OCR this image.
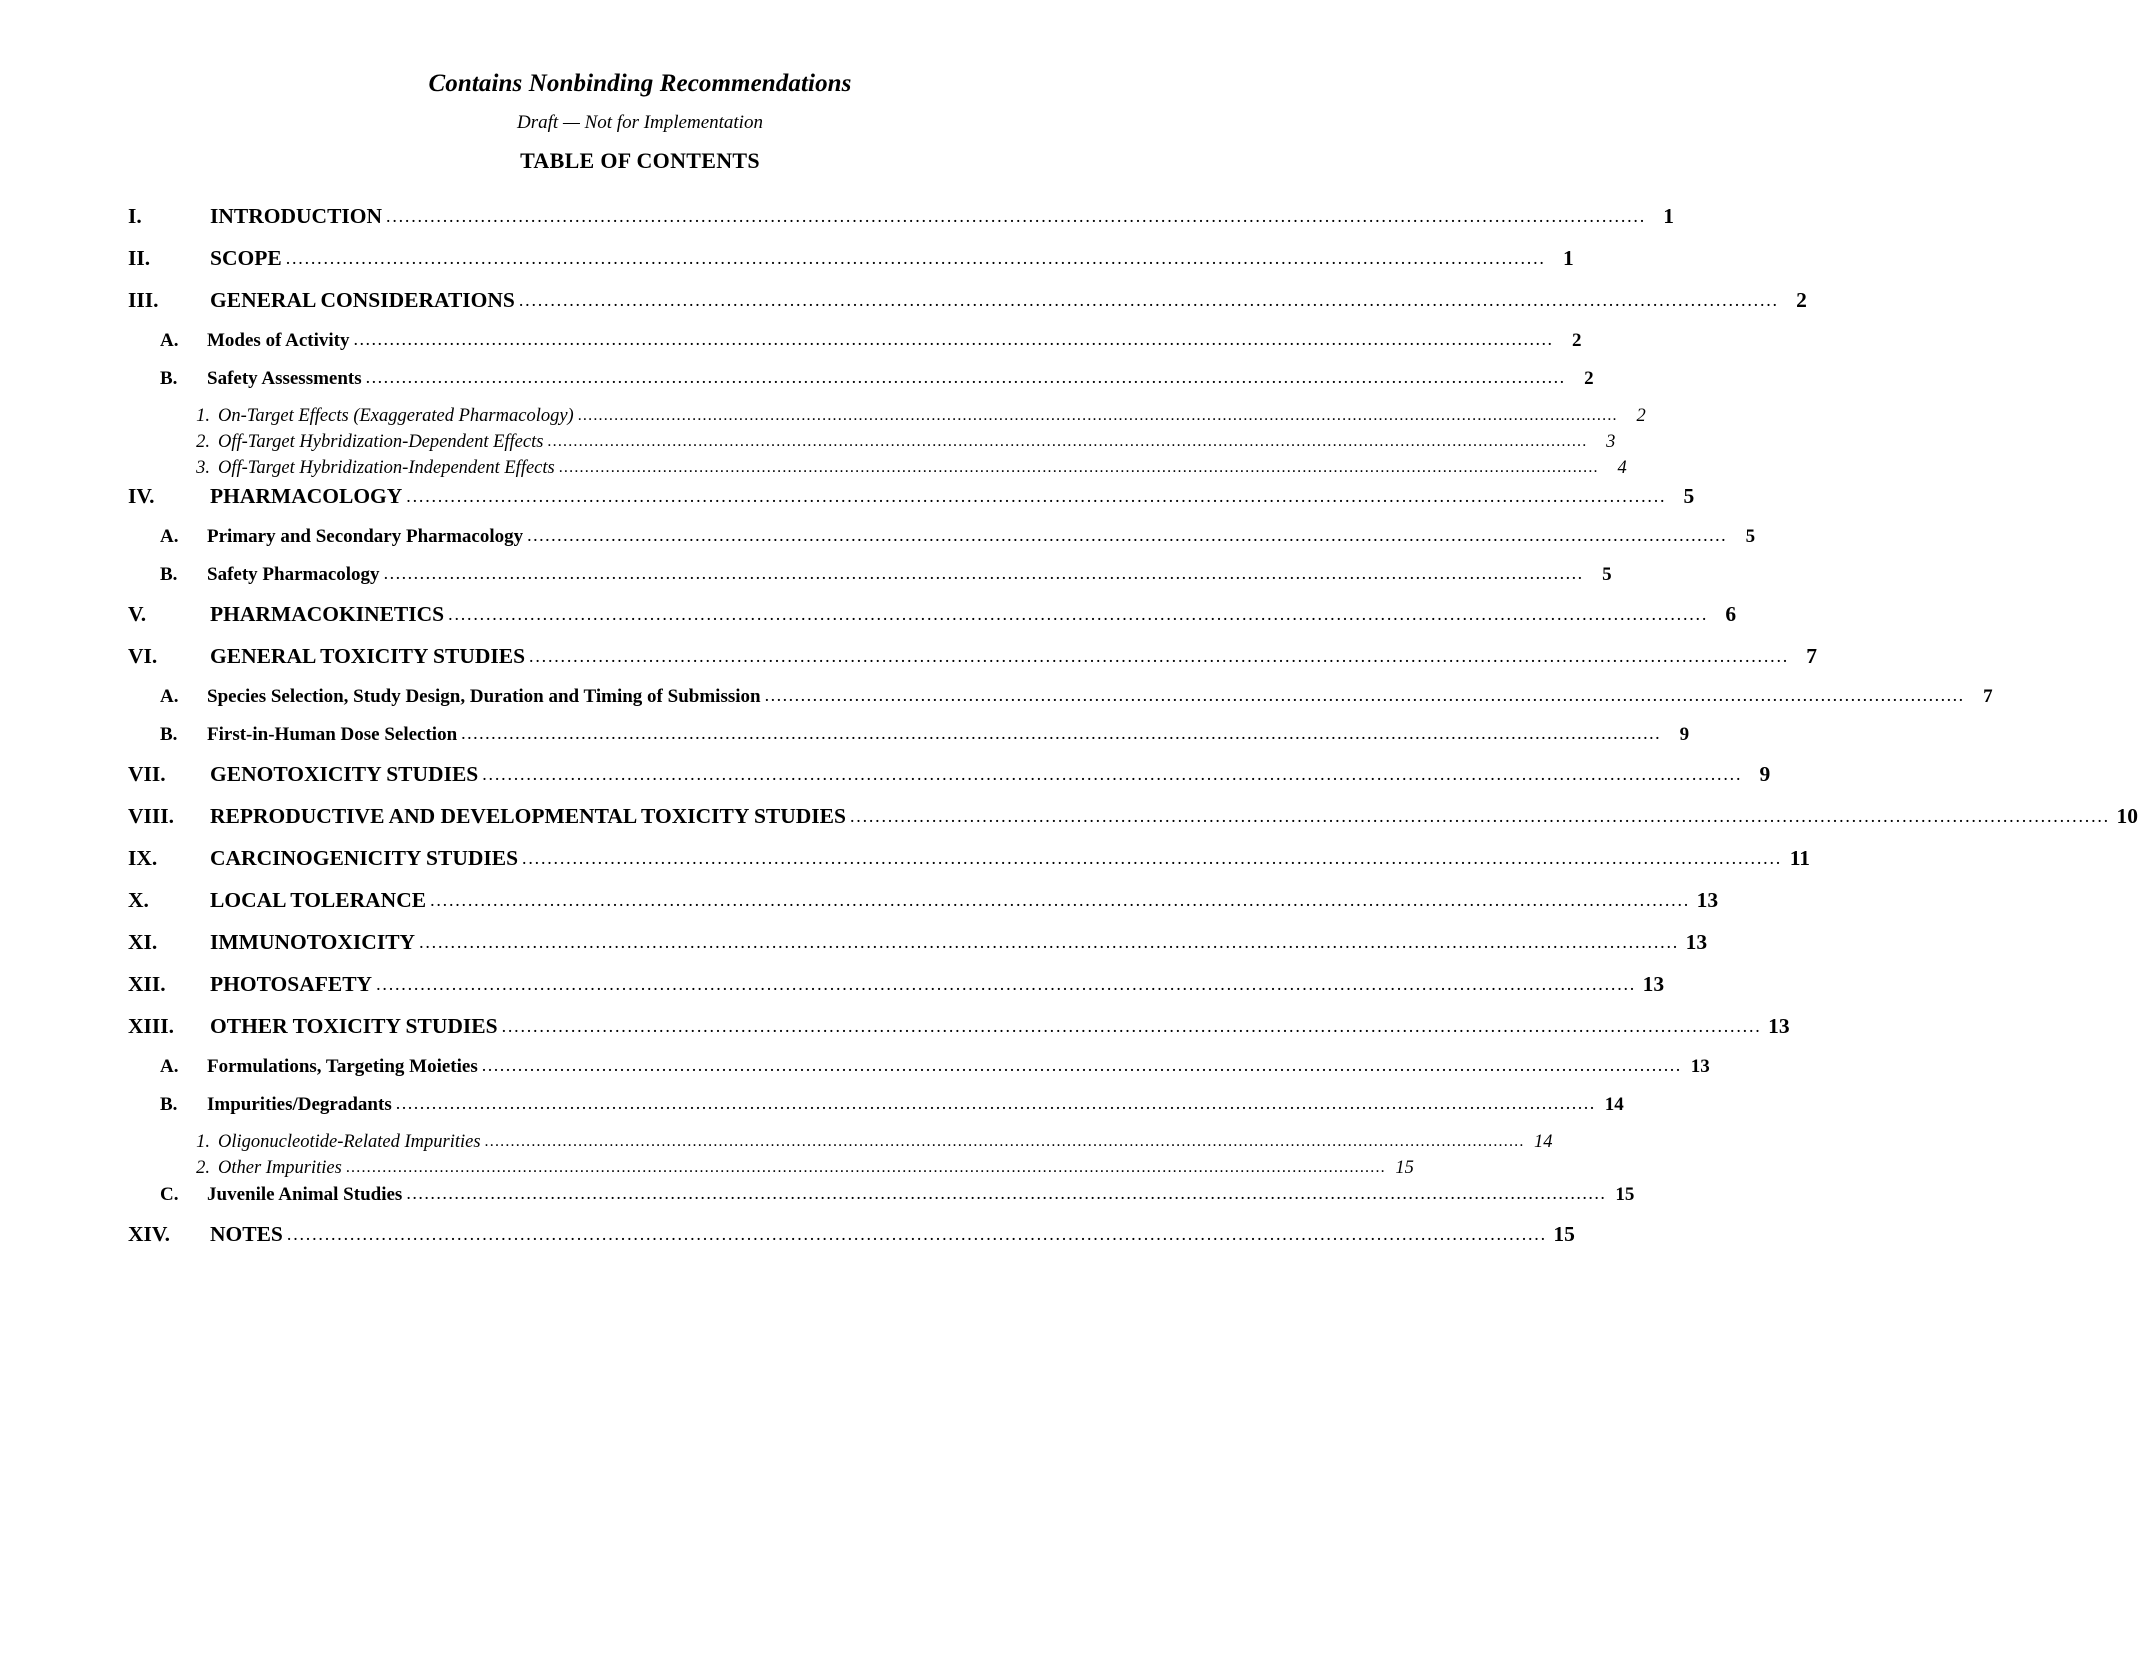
Contains Nonbinding Recommendations
Draft — Not for Implementation
TABLE OF CONTENTS
I.	INTRODUCTION ........................................................................................................................................................................................................ 1
II.	SCOPE ........................................................................................................................................................................................................ 1
III.	GENERAL CONSIDERATIONS ........................................................................................................................................................................................................ 2
A.	Modes of Activity ........................................................................................................................................................................................................ 2
B.	Safety Assessments ........................................................................................................................................................................................................ 2
1. On-Target Effects (Exaggerated Pharmacology) ........................................................................................................................................................................................................	2
2. Off-Target Hybridization-Dependent Effects ........................................................................................................................................................................................................	3
3. Off-Target Hybridization-Independent Effects ........................................................................................................................................................................................................	4
IV.	PHARMACOLOGY ........................................................................................................................................................................................................ 5
A.	Primary and Secondary Pharmacology ........................................................................................................................................................................................................ 5
B.	Safety Pharmacology ........................................................................................................................................................................................................ 5
V.	PHARMACOKINETICS ........................................................................................................................................................................................................ 6
VI.	GENERAL TOXICITY STUDIES ........................................................................................................................................................................................................ 7
A.	Species Selection, Study Design, Duration and Timing of Submission ........................................................................................................................................................................................................ 7
B.	First-in-Human Dose Selection ........................................................................................................................................................................................................ 9
VII.	GENOTOXICITY STUDIES ........................................................................................................................................................................................................ 9
VIII.	REPRODUCTIVE AND DEVELOPMENTAL TOXICITY STUDIES ........................................................................................................................................................................................................ 10
IX.	CARCINOGENICITY STUDIES ........................................................................................................................................................................................................ 11
X.	LOCAL TOLERANCE ........................................................................................................................................................................................................ 13
XI.	IMMUNOTOXICITY ........................................................................................................................................................................................................ 13
XII.	PHOTOSAFETY ........................................................................................................................................................................................................ 13
XIII.	OTHER TOXICITY STUDIES ........................................................................................................................................................................................................ 13
A.	Formulations, Targeting Moieties ........................................................................................................................................................................................................ 13
B.	Impurities/Degradants ........................................................................................................................................................................................................ 14
1. Oligonucleotide-Related Impurities ........................................................................................................................................................................................................ 14
2. Other Impurities ........................................................................................................................................................................................................ 15
C.	Juvenile Animal Studies ........................................................................................................................................................................................................ 15
XIV.	NOTES ........................................................................................................................................................................................................ 15
